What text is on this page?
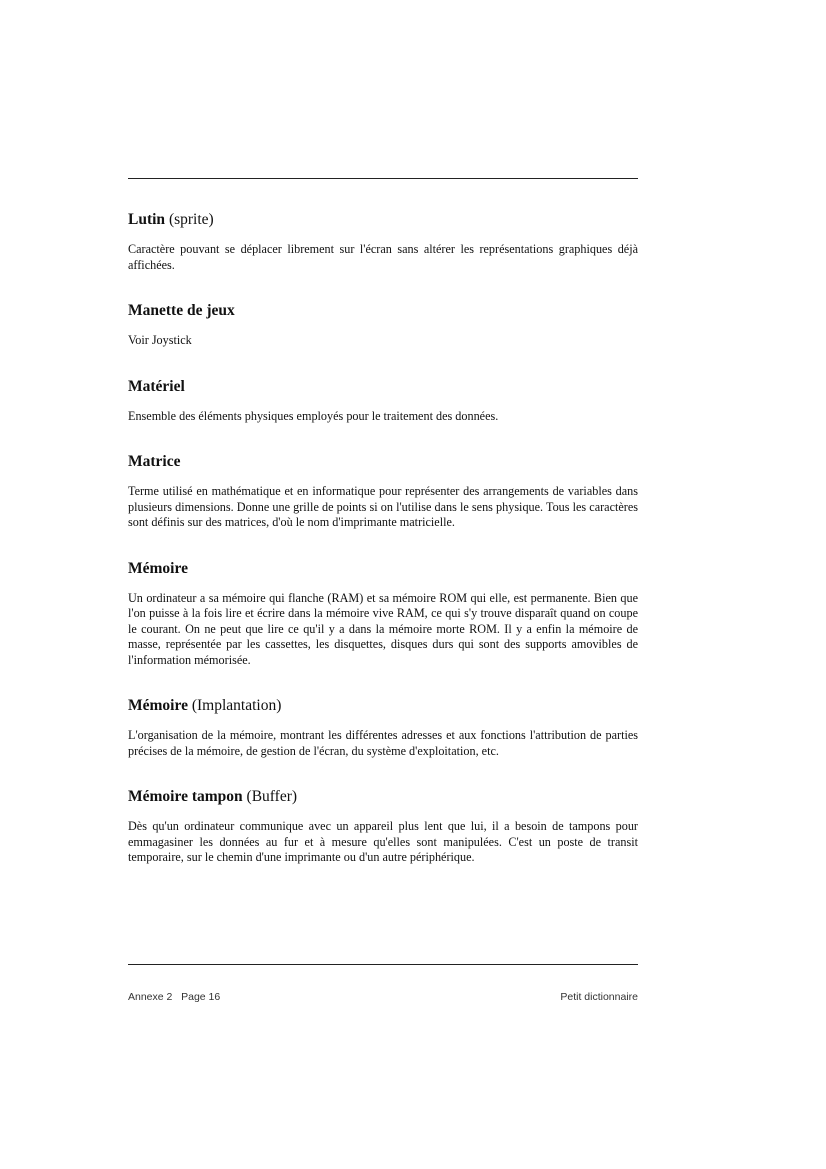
Lutin (sprite)

Caractère pouvant se déplacer librement sur l'écran sans altérer les représentations graphiques déjà affichées.

Manette de jeux

Voir Joystick

Matériel

Ensemble des éléments physiques employés pour le traitement des données.

Matrice

Terme utilisé en mathématique et en informatique pour représenter des arrangements de variables dans plusieurs dimensions. Donne une grille de points si on l'utilise dans le sens physique. Tous les caractères sont définis sur des matrices, d'où le nom d'imprimante matricielle.

Mémoire

Un ordinateur a sa mémoire qui flanche (RAM) et sa mémoire ROM qui elle, est permanente. Bien que l'on puisse à la fois lire et écrire dans la mémoire vive RAM, ce qui s'y trouve disparaît quand on coupe le courant. On ne peut que lire ce qu'il y a dans la mémoire morte ROM. Il y a enfin la mémoire de masse, représentée par les cassettes, les disquettes, disques durs qui sont des supports amovibles de l'information mémorisée.

Mémoire (Implantation)

L'organisation de la mémoire, montrant les différentes adresses et aux fonctions l'attribution de parties précises de la mémoire, de gestion de l'écran, du système d'exploitation, etc.

Mémoire tampon (Buffer)

Dès qu'un ordinateur communique avec un appareil plus lent que lui, il a besoin de tampons pour emmagasiner les données au fur et à mesure qu'elles sont manipulées. C'est un poste de transit temporaire, sur le chemin d'une imprimante ou d'un autre périphérique.

Annexe 2   Page 16	Petit dictionnaire
